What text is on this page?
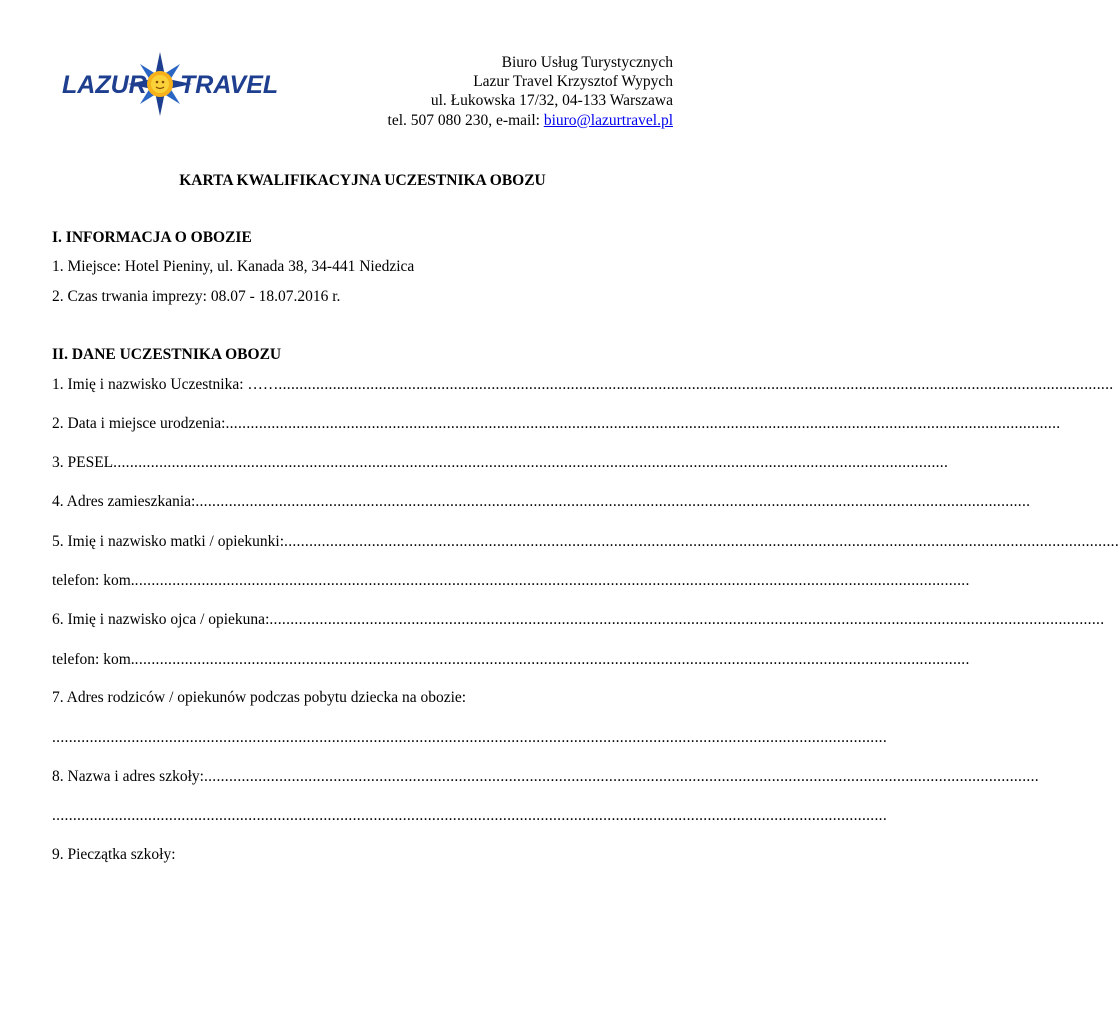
LAZUR TRAVEL
Biuro Usług Turystycznych
Lazur Travel Krzysztof Wypych
ul. Łukowska 17/32, 04-133 Warszawa
tel. 507 080 230, e-mail: biuro@lazurtravel.pl
KARTA KWALIFIKACYJNA UCZESTNIKA OBOZU
I. INFORMACJA O OBOZIE
1. Miejsce: Hotel Pieniny, ul. Kanada 38, 34-441 Niedzica
2. Czas trwania imprezy: 08.07 - 18.07.2016 r.
II. DANE UCZESTNIKA OBOZU
1. Imię i nazwisko Uczestnika: …… ........................................................................................................................................................................................................
2. Data i miejsce urodzenia: ........................................................................................................................................................................................................
3. PESEL ........................................................................................................................................................................................................
4. Adres zamieszkania: ........................................................................................................................................................................................................
5. Imię i nazwisko matki / opiekunki: ........................................................................................................................................................................................................
telefon: kom. ........................................................................................................................................................................................................
6. Imię i nazwisko ojca / opiekuna: ........................................................................................................................................................................................................
telefon: kom. ........................................................................................................................................................................................................
7. Adres rodziców / opiekunów podczas pobytu dziecka na obozie:
........................................................................................................................................................................................................
8. Nazwa i adres szkoły: ........................................................................................................................................................................................................
........................................................................................................................................................................................................
9. Pieczątka szkoły:
